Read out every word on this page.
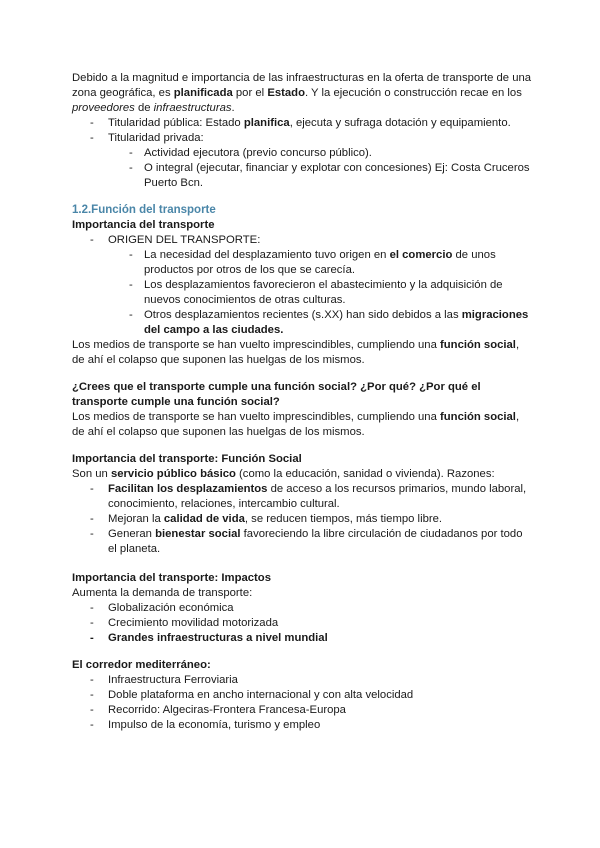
Debido a la magnitud e importancia de las infraestructuras en la oferta de transporte de una zona geográfica, es planificada por el Estado. Y la ejecución o construcción recae en los proveedores de infraestructuras.

- Titularidad pública: Estado planifica, ejecuta y sufraga dotación y equipamiento.
- Titularidad privada:
- Actividad ejecutora (previo concurso público).
- O integral (ejecutar, financiar y explotar con concesiones) Ej: Costa Cruceros Puerto Bcn.

1.2.Función del transporte

Importancia del transporte

- ORIGEN DEL TRANSPORTE:
- La necesidad del desplazamiento tuvo origen en el comercio de unos productos por otros de los que se carecía.
- Los desplazamientos favorecieron el abastecimiento y la adquisición de nuevos conocimientos de otras culturas.
- Otros desplazamientos recientes (s.XX) han sido debidos a las migraciones del campo a las ciudades.

Los medios de transporte se han vuelto imprescindibles, cumpliendo una función social, de ahí el colapso que suponen las huelgas de los mismos.

¿Crees que el transporte cumple una función social? ¿Por qué? ¿Por qué el transporte cumple una función social?

Los medios de transporte se han vuelto imprescindibles, cumpliendo una función social, de ahí el colapso que suponen las huelgas de los mismos.

Importancia del transporte: Función Social

Son un servicio público básico (como la educación, sanidad o vivienda). Razones:

- Facilitan los desplazamientos de acceso a los recursos primarios, mundo laboral, conocimiento, relaciones, intercambio cultural.
- Mejoran la calidad de vida, se reducen tiempos, más tiempo libre.
- Generan bienestar social favoreciendo la libre circulación de ciudadanos por todo el planeta.

Importancia del transporte: Impactos

Aumenta la demanda de transporte:

- Globalización económica
- Crecimiento movilidad motorizada
- Grandes infraestructuras a nivel mundial

El corredor mediterráneo:

- Infraestructura Ferroviaria
- Doble plataforma en ancho internacional y con alta velocidad
- Recorrido: Algeciras-Frontera Francesa-Europa
- Impulso de la economía, turismo y empleo
